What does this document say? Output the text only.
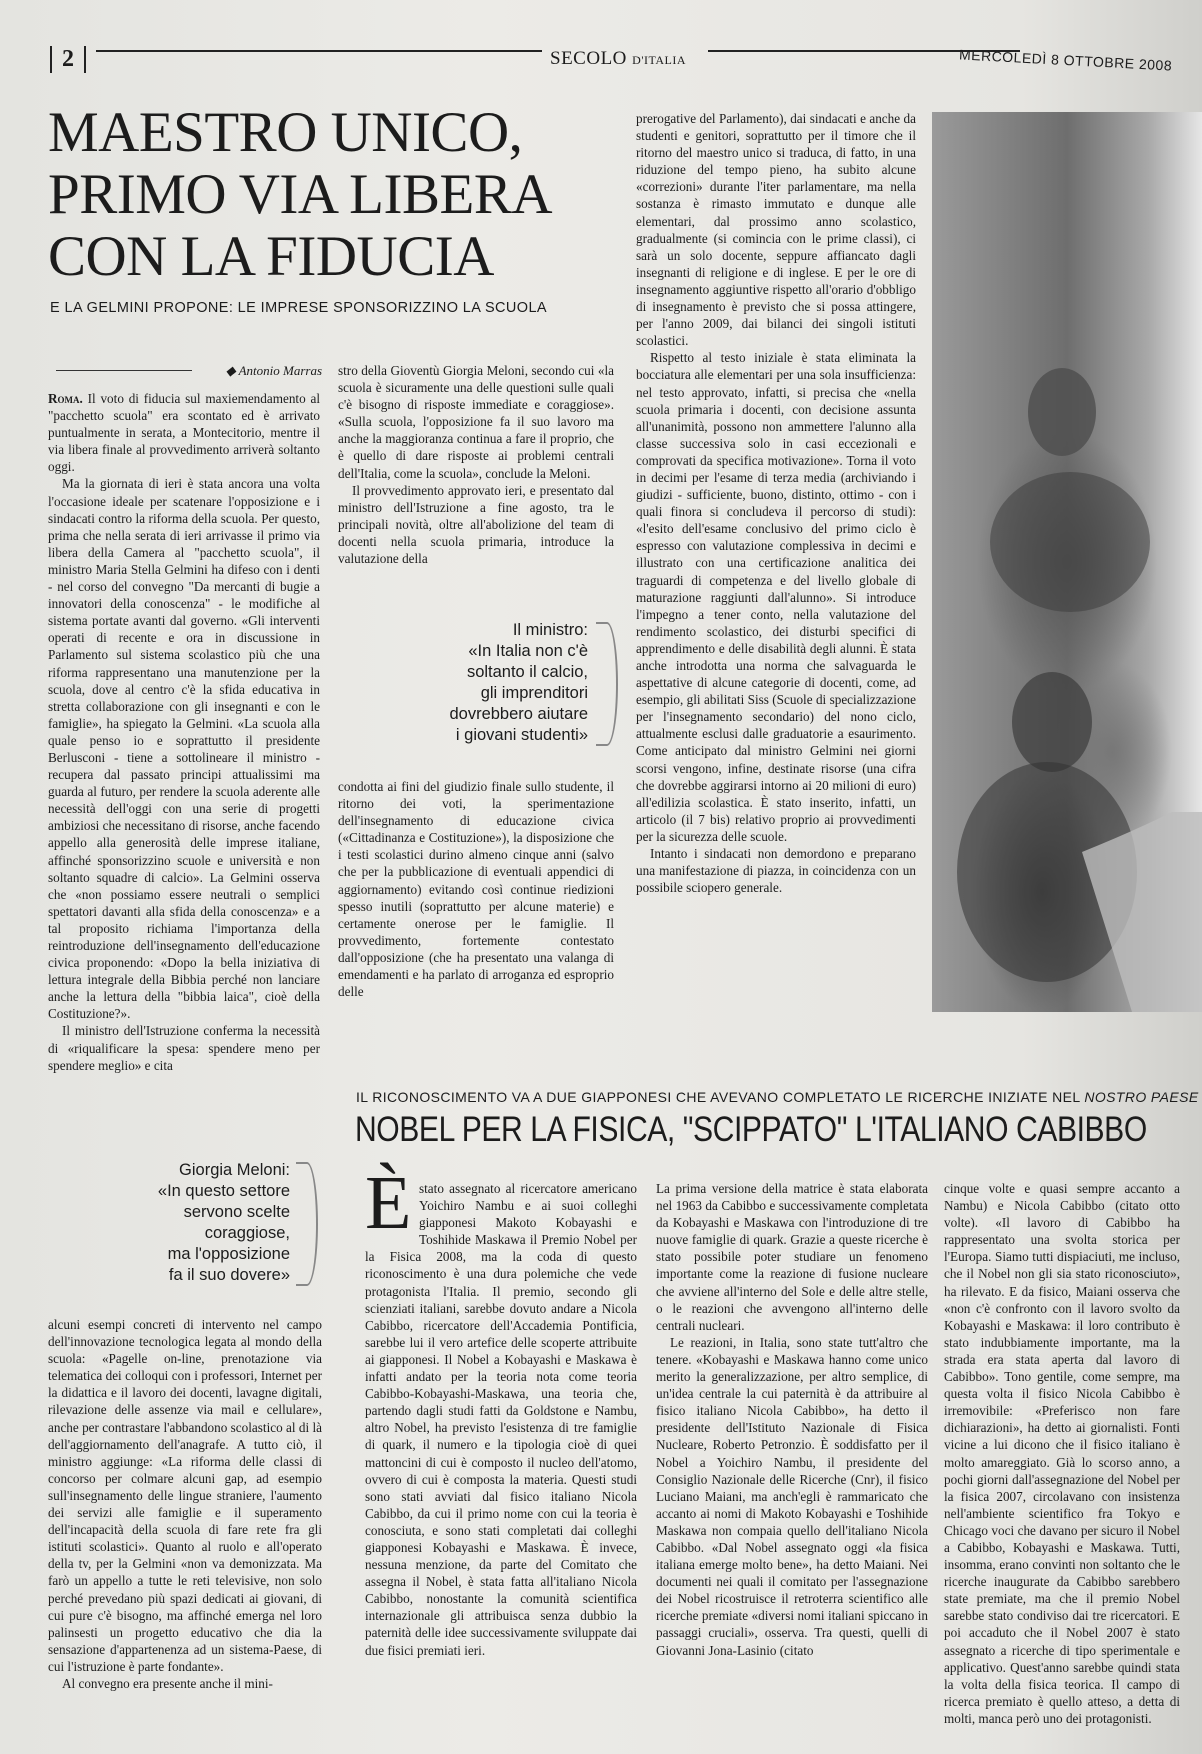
2	SECOLO D'ITALIA	MERCOLEDÌ 8 OTTOBRE 2008
MAESTRO UNICO,
PRIMO VIA LIBERA
CON LA FIDUCIA
E LA GELMINI PROPONE: LE IMPRESE SPONSORIZZINO LA SCUOLA
◆ Antonio Marras

Roma. Il voto di fiducia sul maxiemendamento al "pacchetto scuola" era scontato ed è arrivato puntualmente in serata, a Montecitorio, mentre il via libera finale al provvedimento arriverà soltanto oggi.

Ma la giornata di ieri è stata ancora una volta l'occasione ideale per scatenare l'opposizione e i sindacati contro la riforma della scuola. Per questo, prima che nella serata di ieri arrivasse il primo via libera della Camera al "pacchetto scuola", il ministro Maria Stella Gelmini ha difeso con i denti - nel corso del convegno "Da mercanti di bugie a innovatori della conoscenza" - le modifiche al sistema portate avanti dal governo. «Gli interventi operati di recente e ora in discussione in Parlamento sul sistema scolastico più che una riforma rappresentano una manutenzione per la scuola, dove al centro c'è la sfida educativa in stretta collaborazione con gli insegnanti e con le famiglie», ha spiegato la Gelmini. «La scuola alla quale penso io e soprattutto il presidente Berlusconi - tiene a sottolineare il ministro - recupera dal passato principi attualissimi ma guarda al futuro, per rendere la scuola aderente alle necessità dell'oggi con una serie di progetti ambiziosi che necessitano di risorse, anche facendo appello alla generosità delle imprese italiane, affinché sponsorizzino scuole e università e non soltanto squadre di calcio». La Gelmini osserva che «non possiamo essere neutrali o semplici spettatori davanti alla sfida della conoscenza» e a tal proposito richiama l'importanza della reintroduzione dell'insegnamento dell'educazione civica proponendo: «Dopo la bella iniziativa di lettura integrale della Bibbia perché non lanciare anche la lettura della "bibbia laica", cioè della Costituzione?».

Il ministro dell'Istruzione conferma la necessità di «riqualificare la spesa: spendere meno per spendere meglio» e cita

stro della Gioventù Giorgia Meloni, secondo cui «la scuola è sicuramente una delle questioni sulle quali c'è bisogno di risposte immediate e coraggiose». «Sulla scuola, l'opposizione fa il suo lavoro ma anche la maggioranza continua a fare il proprio, che è quello di dare risposte ai problemi centrali dell'Italia, come la scuola», conclude la Meloni.

Il provvedimento approvato ieri, e presentato dal ministro dell'Istruzione a fine agosto, tra le principali novità, oltre all'abolizione del team di docenti nella scuola primaria, introduce la valutazione della

Il ministro:
«In Italia non c'è
soltanto il calcio,
gli imprenditori
dovrebbero aiutare
i giovani studenti»

condotta ai fini del giudizio finale sullo studente, il ritorno dei voti, la sperimentazione dell'insegnamento di educazione civica («Cittadinanza e Costituzione»), la disposizione che i testi scolastici durino almeno cinque anni (salvo che per la pubblicazione di eventuali appendici di aggiornamento) evitando così continue riedizioni spesso inutili (soprattutto per alcune materie) e certamente onerose per le famiglie. Il provvedimento, fortemente contestato dall'opposizione (che ha presentato una valanga di emendamenti e ha parlato di arroganza ed esproprio delle

prerogative del Parlamento), dai sindacati e anche da studenti e genitori, soprattutto per il timore che il ritorno del maestro unico si traduca, di fatto, in una riduzione del tempo pieno, ha subito alcune «correzioni» durante l'iter parlamentare, ma nella sostanza è rimasto immutato e dunque alle elementari, dal prossimo anno scolastico, gradualmente (si comincia con le prime classi), ci sarà un solo docente, seppure affiancato dagli insegnanti di religione e di inglese. E per le ore di insegnamento aggiuntive rispetto all'orario d'obbligo di insegnamento è previsto che si possa attingere, per l'anno 2009, dai bilanci dei singoli istituti scolastici.

Rispetto al testo iniziale è stata eliminata la bocciatura alle elementari per una sola insufficienza: nel testo approvato, infatti, si precisa che «nella scuola primaria i docenti, con decisione assunta all'unanimità, possono non ammettere l'alunno alla classe successiva solo in casi eccezionali e comprovati da specifica motivazione». Torna il voto in decimi per l'esame di terza media (archiviando i giudizi - sufficiente, buono, distinto, ottimo - con i quali finora si concludeva il percorso di studi): «l'esito dell'esame conclusivo del primo ciclo è espresso con valutazione complessiva in decimi e illustrato con una certificazione analitica dei traguardi di competenza e del livello globale di maturazione raggiunti dall'alunno». Si introduce l'impegno a tener conto, nella valutazione del rendimento scolastico, dei disturbi specifici di apprendimento e delle disabilità degli alunni. È stata anche introdotta una norma che salvaguarda le aspettative di alcune categorie di docenti, come, ad esempio, gli abilitati Siss (Scuole di specializzazione per l'insegnamento secondario) del nono ciclo, attualmente esclusi dalle graduatorie a esaurimento. Come anticipato dal ministro Gelmini nei giorni scorsi vengono, infine, destinate risorse (una cifra che dovrebbe aggirarsi intorno ai 20 milioni di euro) all'edilizia scolastica. È stato inserito, infatti, un articolo (il 7 bis) relativo proprio ai provvedimenti per la sicurezza delle scuole.

Intanto i sindacati non demordono e preparano una manifestazione di piazza, in coincidenza con un possibile sciopero generale.

Giorgia Meloni:
«In questo settore
servono scelte
coraggiose,
ma l'opposizione
fa il suo dovere»

alcuni esempi concreti di intervento nel campo dell'innovazione tecnologica legata al mondo della scuola: «Pagelle on-line, prenotazione via telematica dei colloqui con i professori, Internet per la didattica e il lavoro dei docenti, lavagne digitali, rilevazione delle assenze via mail e cellulare», anche per contrastare l'abbandono scolastico al di là dell'aggiornamento dell'anagrafe. A tutto ciò, il ministro aggiunge: «La riforma delle classi di concorso per colmare alcuni gap, ad esempio sull'insegnamento delle lingue straniere, l'aumento dei servizi alle famiglie e il superamento dell'incapacità della scuola di fare rete fra gli istituti scolastici». Quanto al ruolo e all'operato della tv, per la Gelmini «non va demonizzata. Ma farò un appello a tutte le reti televisive, non solo perché prevedano più spazi dedicati ai giovani, di cui pure c'è bisogno, ma affinché emerga nel loro palinsesti un progetto educativo che dia la sensazione d'appartenenza ad un sistema-Paese, di cui l'istruzione è parte fondante».

Al convegno era presente anche il mini-

IL RICONOSCIMENTO VA A DUE GIAPPONESI CHE AVEVANO COMPLETATO LE RICERCHE INIZIATE NEL NOSTRO PAESE
NOBEL PER LA FISICA, "SCIPPATO" L'ITALIANO CABIBBO
È stato assegnato al ricercatore americano Yoichiro Nambu e ai suoi colleghi giapponesi Makoto Kobayashi e Toshihide Maskawa il Premio Nobel per la Fisica 2008, ma la coda di questo riconoscimento è una dura polemiche che vede protagonista l'Italia. Il premio, secondo gli scienziati italiani, sarebbe dovuto andare a Nicola Cabibbo, ricercatore dell'Accademia Pontificia, sarebbe lui il vero artefice delle scoperte attribuite ai giapponesi. Il Nobel a Kobayashi e Maskawa è infatti andato per la teoria nota come teoria Cabibbo-Kobayashi-Maskawa, una teoria che, partendo dagli studi fatti da Goldstone e Nambu, altro Nobel, ha previsto l'esistenza di tre famiglie di quark, il numero e la tipologia cioè di quei mattoncini di cui è composto il nucleo dell'atomo, ovvero di cui è composta la materia. Questi studi sono stati avviati dal fisico italiano Nicola Cabibbo, da cui il primo nome con cui la teoria è conosciuta, e sono stati completati dai colleghi giapponesi Kobayashi e Maskawa. È invece, nessuna menzione, da parte del Comitato che assegna il Nobel, è stata fatta all'italiano Nicola Cabibbo, nonostante la comunità scientifica internazionale gli attribuisca senza dubbio la paternità delle idee successivamente sviluppate dai due fisici premiati ieri.

La prima versione della matrice è stata elaborata nel 1963 da Cabibbo e successivamente completata da Kobayashi e Maskawa con l'introduzione di tre nuove famiglie di quark. Grazie a queste ricerche è stato possibile poter studiare un fenomeno importante come la reazione di fusione nucleare che avviene all'interno del Sole e delle altre stelle, o le reazioni che avvengono all'interno delle centrali nucleari.

Le reazioni, in Italia, sono state tutt'altro che tenere. «Kobayashi e Maskawa hanno come unico merito la generalizzazione, per altro semplice, di un'idea centrale la cui paternità è da attribuire al fisico italiano Nicola Cabibbo», ha detto il presidente dell'Istituto Nazionale di Fisica Nucleare, Roberto Petronzio. È soddisfatto per il Nobel a Yoichiro Nambu, il presidente del Consiglio Nazionale delle Ricerche (Cnr), il fisico Luciano Maiani, ma anch'egli è rammaricato che accanto ai nomi di Makoto Kobayashi e Toshihide Maskawa non compaia quello dell'italiano Nicola Cabibbo. «Dal Nobel assegnato oggi «la fisica italiana emerge molto bene», ha detto Maiani. Nei documenti nei quali il comitato per l'assegnazione dei Nobel ricostruisce il retroterra scientifico alle ricerche premiate «diversi nomi italiani spiccano in passaggi cruciali», osserva. Tra questi, quelli di Giovanni Jona-Lasinio (citato

cinque volte e quasi sempre accanto a Nambu) e Nicola Cabibbo (citato otto volte). «Il lavoro di Cabibbo ha rappresentato una svolta storica per l'Europa. Siamo tutti dispiaciuti, me incluso, che il Nobel non gli sia stato riconosciuto», ha rilevato. E da fisico, Maiani osserva che «non c'è confronto con il lavoro svolto da Kobayashi e Maskawa: il loro contributo è stato indubbiamente importante, ma la strada era stata aperta dal lavoro di Cabibbo». Tono gentile, come sempre, ma questa volta il fisico Nicola Cabibbo è irremovibile: «Preferisco non fare dichiarazioni», ha detto ai giornalisti. Fonti vicine a lui dicono che il fisico italiano è molto amareggiato. Già lo scorso anno, a pochi giorni dall'assegnazione del Nobel per la fisica 2007, circolavano con insistenza nell'ambiente scientifico fra Tokyo e Chicago voci che davano per sicuro il Nobel a Cabibbo, Kobayashi e Maskawa. Tutti, insomma, erano convinti non soltanto che le ricerche inaugurate da Cabibbo sarebbero state premiate, ma che il premio Nobel sarebbe stato condiviso dai tre ricercatori. E poi accaduto che il Nobel 2007 è stato assegnato a ricerche di tipo sperimentale e applicativo. Quest'anno sarebbe quindi stata la volta della fisica teorica. Il campo di ricerca premiato è quello atteso, a detta di molti, manca però uno dei protagonisti.
